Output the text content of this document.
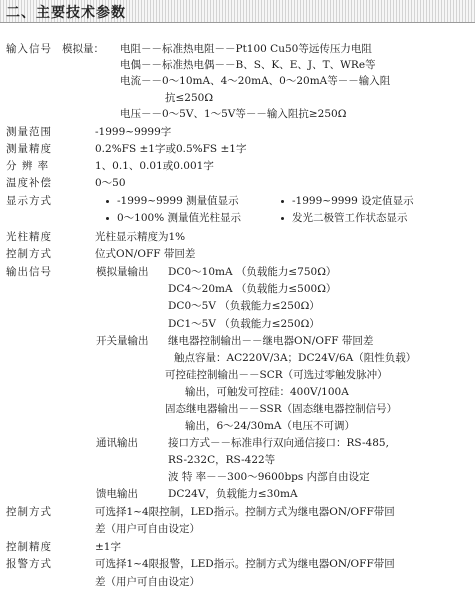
二、主要技术参数
输入信号 模拟量： 电阻－－标准热电阻－－Pt100 Cu50等远传压力电阻
电偶－－标准热电偶－－B、S、K、E、J、T、WRe等
电流－－0～10mA、4～20mA、0～20mA等－－输入阻
抗≤250Ω
电压－－0～5V、1～5V等－－输入阻抗≥250Ω
测量范围	-1999~9999字
测量精度	0.2%FS ±1字或0.5%FS ±1字
分 辨 率	1、0.1、0.01或0.001字
温度补偿	0～50
显示方式	-1999~9999 测量值显示	-1999~9999 设定值显示
0～100% 测量值光柱显示	发光二极管工作状态显示
光柱精度	光柱显示精度为1%
控制方式	位式ON/OFF 带回差
输出信号	模拟量输出 DC0～10mA （负载能力≤750Ω）
DC4～20mA （负载能力≤500Ω）
DC0～5V （负载能力≤250Ω）
DC1～5V （负载能力≤250Ω）
开关量输出 继电器控制输出－－继电器ON/OFF 带回差
触点容量：AC220V/3A；DC24V/6A（阻性负载）
可控硅控制输出－－SCR（可选过零触发脉冲）
输出，可触发可控硅：400V/100A
固态继电器输出－－SSR（固态继电器控制信号）
输出，6～24/30mA（电压不可调）
通讯输出	接口方式－－标准串行双向通信接口：RS-485,
RS-232C，RS-422等
波 特 率－－300～9600bps 内部自由设定
馈电输出	DC24V，负载能力≤30mA
控制方式	可选择1~4限控制，LED指示。控制方式为继电器ON/OFF带回
差（用户可自由设定）
控制精度	±1字
报警方式	可选择1~4限报警，LED指示。控制方式为继电器ON/OFF带回
差（用户可自由设定）
